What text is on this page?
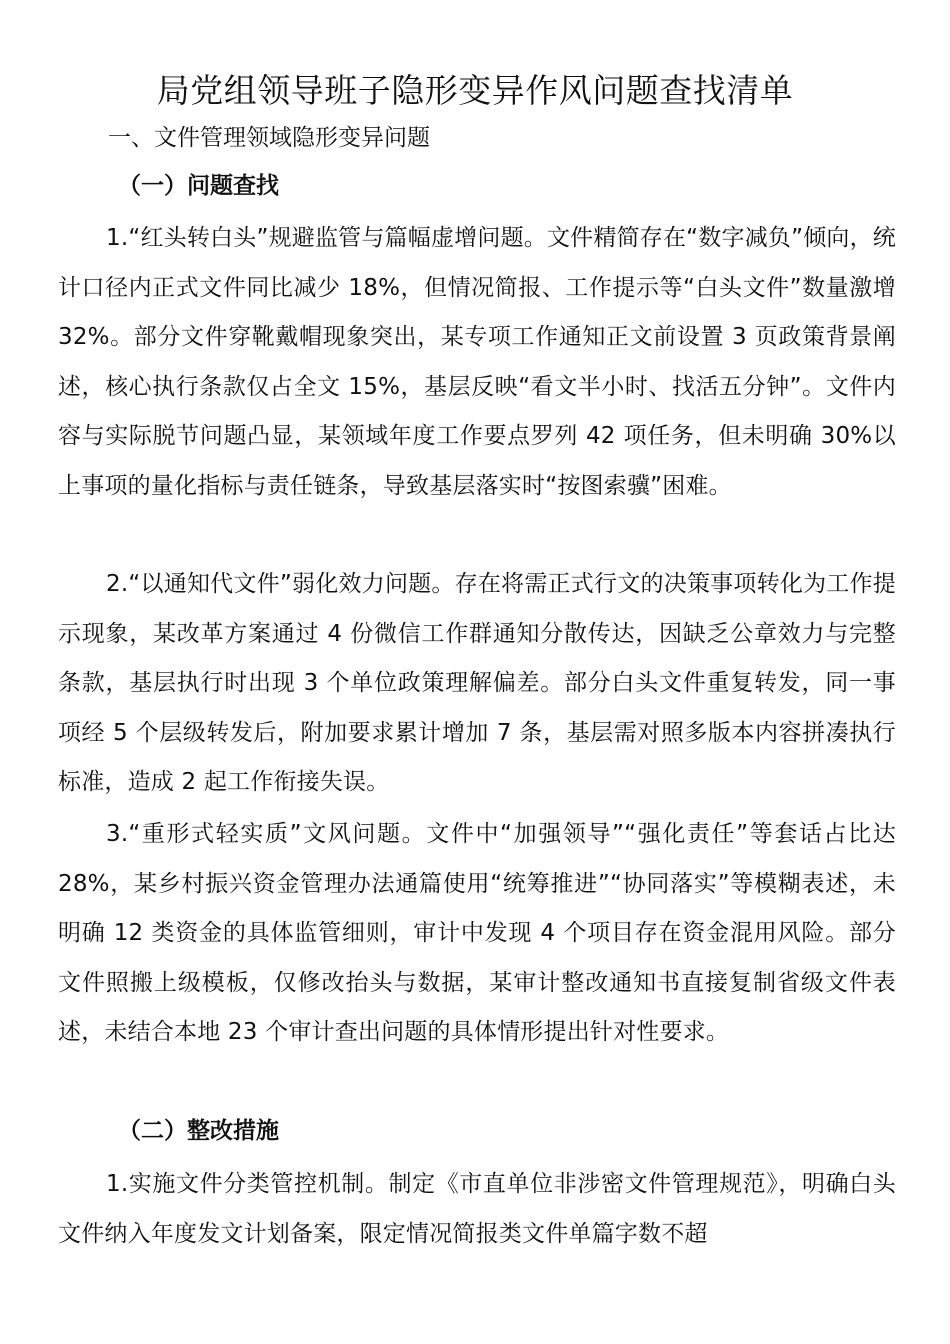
局党组领导班子隐形变异作风问题查找清单

一、文件管理领域隐形变异问题

（一）问题查找

1.“红头转白头”规避监管与篇幅虚增问题。文件精简存在“数字减负”倾向，统计口径内正式文件同比减少 18%，但情况简报、工作提示等“白头文件”数量激增 32%。部分文件穿靴戴帽现象突出，某专项工作通知正文前设置 3 页政策背景阐述，核心执行条款仅占全文 15%，基层反映“看文半小时、找活五分钟”。文件内容与实际脱节问题凸显，某领域年度工作要点罗列 42 项任务，但未明确 30%以上事项的量化指标与责任链条，导致基层落实时“按图索骥”困难。

2.“以通知代文件”弱化效力问题。存在将需正式行文的决策事项转化为工作提示现象，某改革方案通过 4 份微信工作群通知分散传达，因缺乏公章效力与完整条款，基层执行时出现 3 个单位政策理解偏差。部分白头文件重复转发，同一事项经 5 个层级转发后，附加要求累计增加 7 条，基层需对照多版本内容拼凑执行标准，造成 2 起工作衔接失误。

3.“重形式轻实质”文风问题。文件中“加强领导”“强化责任”等套话占比达 28%，某乡村振兴资金管理办法通篇使用“统筹推进”“协同落实”等模糊表述，未明确 12 类资金的具体监管细则，审计中发现 4 个项目存在资金混用风险。部分文件照搬上级模板，仅修改抬头与数据，某审计整改通知书直接复制省级文件表述，未结合本地 23 个审计查出问题的具体情形提出针对性要求。

（二）整改措施

1.实施文件分类管控机制。制定《市直单位非涉密文件管理规范》，明确白头文件纳入年度发文计划备案，限定情况简报类文件单篇字数不超
